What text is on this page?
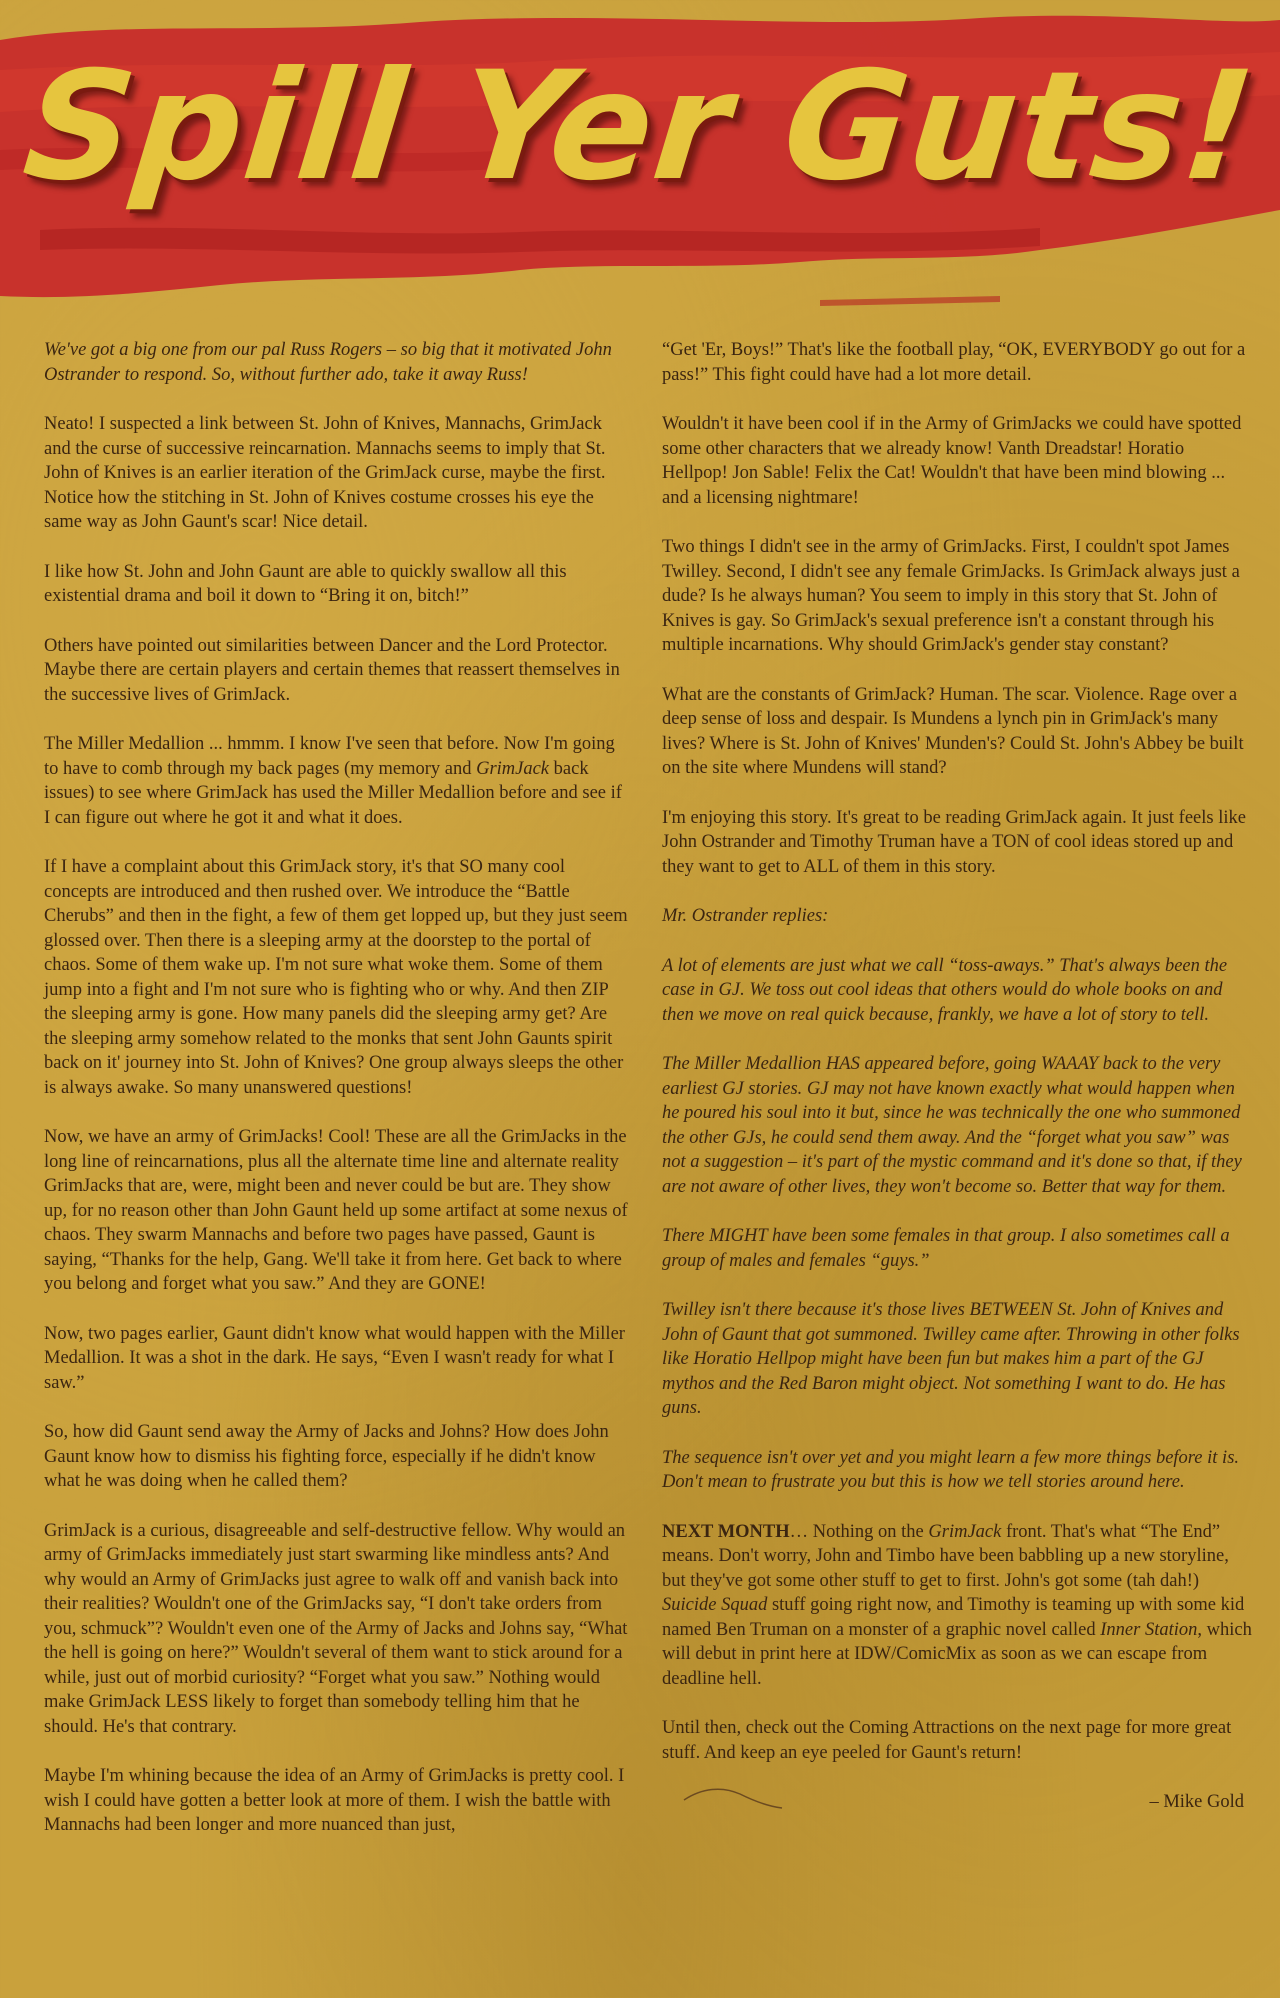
Spill Yer Guts!

We've got a big one from our pal Russ Rogers – so big that it motivated John Ostrander to respond. So, without further ado, take it away Russ!

Neato! I suspected a link between St. John of Knives, Mannachs, GrimJack and the curse of successive reincarnation. Mannachs seems to imply that St. John of Knives is an earlier iteration of the GrimJack curse, maybe the first. Notice how the stitching in St. John of Knives costume crosses his eye the same way as John Gaunt's scar! Nice detail.

I like how St. John and John Gaunt are able to quickly swallow all this existential drama and boil it down to “Bring it on, bitch!”

Others have pointed out similarities between Dancer and the Lord Protector. Maybe there are certain players and certain themes that reassert themselves in the successive lives of GrimJack.

The Miller Medallion ... hmmm. I know I've seen that before. Now I'm going to have to comb through my back pages (my memory and GrimJack back issues) to see where GrimJack has used the Miller Medallion before and see if I can figure out where he got it and what it does.

If I have a complaint about this GrimJack story, it's that SO many cool concepts are introduced and then rushed over. We introduce the “Battle Cherubs” and then in the fight, a few of them get lopped up, but they just seem glossed over. Then there is a sleeping army at the doorstep to the portal of chaos. Some of them wake up. I'm not sure what woke them. Some of them jump into a fight and I'm not sure who is fighting who or why. And then ZIP the sleeping army is gone. How many panels did the sleeping army get? Are the sleeping army somehow related to the monks that sent John Gaunts spirit back on it' journey into St. John of Knives? One group always sleeps the other is always awake. So many unanswered questions!

Now, we have an army of GrimJacks! Cool! These are all the GrimJacks in the long line of reincarnations, plus all the alternate time line and alternate reality GrimJacks that are, were, might been and never could be but are. They show up, for no reason other than John Gaunt held up some artifact at some nexus of chaos. They swarm Mannachs and before two pages have passed, Gaunt is saying, “Thanks for the help, Gang. We'll take it from here. Get back to where you belong and forget what you saw.” And they are GONE!

Now, two pages earlier, Gaunt didn't know what would happen with the Miller Medallion. It was a shot in the dark. He says, “Even I wasn't ready for what I saw.”

So, how did Gaunt send away the Army of Jacks and Johns? How does John Gaunt know how to dismiss his fighting force, especially if he didn't know what he was doing when he called them?

GrimJack is a curious, disagreeable and self-destructive fellow. Why would an army of GrimJacks immediately just start swarming like mindless ants? And why would an Army of GrimJacks just agree to walk off and vanish back into their realities? Wouldn't one of the GrimJacks say, “I don't take orders from you, schmuck”? Wouldn't even one of the Army of Jacks and Johns say, “What the hell is going on here?” Wouldn't several of them want to stick around for a while, just out of morbid curiosity? “Forget what you saw.” Nothing would make GrimJack LESS likely to forget than somebody telling him that he should. He's that contrary.

Maybe I'm whining because the idea of an Army of GrimJacks is pretty cool. I wish I could have gotten a better look at more of them. I wish the battle with Mannachs had been longer and more nuanced than just,

“Get 'Er, Boys!” That's like the football play, “OK, EVERYBODY go out for a pass!” This fight could have had a lot more detail.

Wouldn't it have been cool if in the Army of GrimJacks we could have spotted some other characters that we already know! Vanth Dreadstar! Horatio Hellpop! Jon Sable! Felix the Cat! Wouldn't that have been mind blowing ... and a licensing nightmare!

Two things I didn't see in the army of GrimJacks. First, I couldn't spot James Twilley. Second, I didn't see any female GrimJacks. Is GrimJack always just a dude? Is he always human? You seem to imply in this story that St. John of Knives is gay. So GrimJack's sexual preference isn't a constant through his multiple incarnations. Why should GrimJack's gender stay constant?

What are the constants of GrimJack? Human. The scar. Violence. Rage over a deep sense of loss and despair. Is Mundens a lynch pin in GrimJack's many lives? Where is St. John of Knives' Munden's? Could St. John's Abbey be built on the site where Mundens will stand?

I'm enjoying this story. It's great to be reading GrimJack again. It just feels like John Ostrander and Timothy Truman have a TON of cool ideas stored up and they want to get to ALL of them in this story.

Mr. Ostrander replies:

A lot of elements are just what we call “toss-aways.” That's always been the case in GJ. We toss out cool ideas that others would do whole books on and then we move on real quick because, frankly, we have a lot of story to tell.

The Miller Medallion HAS appeared before, going WAAAY back to the very earliest GJ stories. GJ may not have known exactly what would happen when he poured his soul into it but, since he was technically the one who summoned the other GJs, he could send them away. And the “forget what you saw” was not a suggestion – it's part of the mystic command and it's done so that, if they are not aware of other lives, they won't become so. Better that way for them.

There MIGHT have been some females in that group. I also sometimes call a group of males and females “guys.”

Twilley isn't there because it's those lives BETWEEN St. John of Knives and John of Gaunt that got summoned. Twilley came after. Throwing in other folks like Horatio Hellpop might have been fun but makes him a part of the GJ mythos and the Red Baron might object. Not something I want to do. He has guns.

The sequence isn't over yet and you might learn a few more things before it is. Don't mean to frustrate you but this is how we tell stories around here.

NEXT MONTH… Nothing on the GrimJack front. That's what “The End” means. Don't worry, John and Timbo have been babbling up a new storyline, but they've got some other stuff to get to first. John's got some (tah dah!) Suicide Squad stuff going right now, and Timothy is teaming up with some kid named Ben Truman on a monster of a graphic novel called Inner Station, which will debut in print here at IDW/ComicMix as soon as we can escape from deadline hell.

Until then, check out the Coming Attractions on the next page for more great stuff. And keep an eye peeled for Gaunt's return!

– Mike Gold
